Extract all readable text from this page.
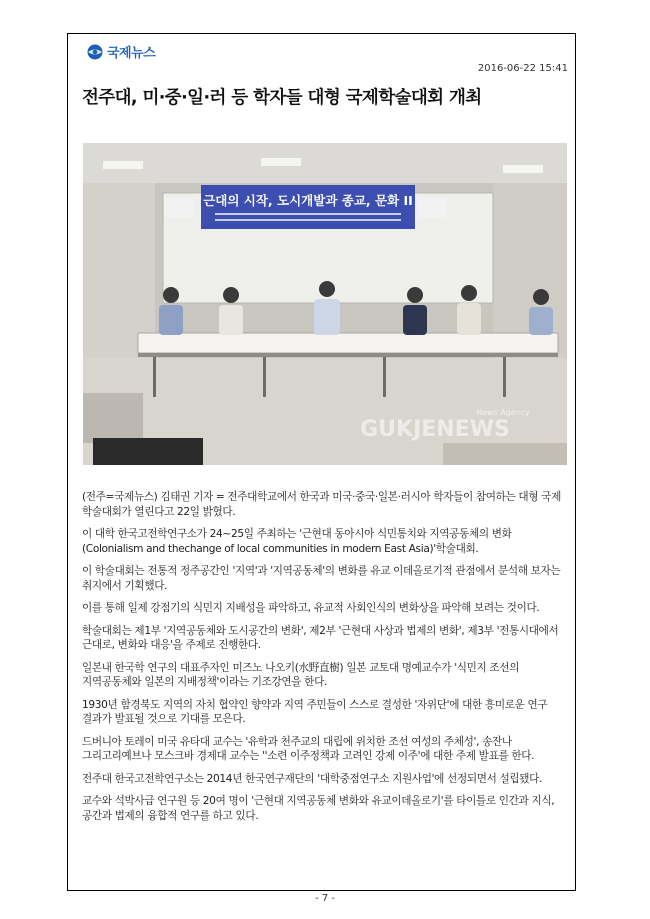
국제뉴스
2016-06-22 15:41
전주대, 미·중·일·러 등 학자들 대형 국제학술대회 개최
근대의 시작, 도시개발과 종교, 문화 II
GUKJENEWS
News Agency

(전주=국제뉴스) 김태권 기자 = 전주대학교에서 한국과 미국·중국·일본·러시아 학자들이 참여하는 대형 국제 학술대회가 열린다고 22일 밝혔다.

이 대학 한국고전학연구소가 24~25일 주최하는 '근현대 동아시아 식민통치와 지역공동체의 변화 (Colonialism and thechange of local communities in modern East Asia)'학술대회.

이 학술대회는 전통적 정주공간인 '지역'과 '지역공동체'의 변화를 유교 이데올로기적 관점에서 분석해 보자는 취지에서 기획했다.

이를 통해 일제 강점기의 식민지 지배성을 파악하고, 유교적 사회인식의 변화상을 파악해 보려는 것이다.

학술대회는 제1부 '지역공동체와 도시공간의 변화', 제2부 '근현대 사상과 법제의 변화', 제3부 '전통시대에서 근대로, 변화와 대응'을 주제로 진행한다.

일본내 한국학 연구의 대표주자인 미즈노 나오키(水野直樹) 일본 교토대 명예교수가 '식민지 조선의 지역공동체와 일본의 지배정책'이라는 기조강연을 한다.

1930년 함경북도 지역의 자치 협약인 향약과 지역 주민들이 스스로 결성한 '자위단'에 대한 흥미로운 연구 결과가 발표될 것으로 기대를 모은다.

드버니아 토레이 미국 유타대 교수는 '유학과 천주교의 대립에 위치한 조선 여성의 주체성', 송잔나 그리고리예브나 모스크바 경제대 교수는 ''소련 이주정책과 고려인 강제 이주'에 대한 주제 발표를 한다.

전주대 한국고전학연구소는 2014년 한국연구재단의 '대학중점연구소 지원사업'에 선정되면서 설립됐다.

교수와 석박사급 연구원 등 20여 명이 '근현대 지역공동체 변화와 유교이데올로기'를 타이틀로 인간과 지식, 공간과 법제의 융합적 연구를 하고 있다.

- 7 -
